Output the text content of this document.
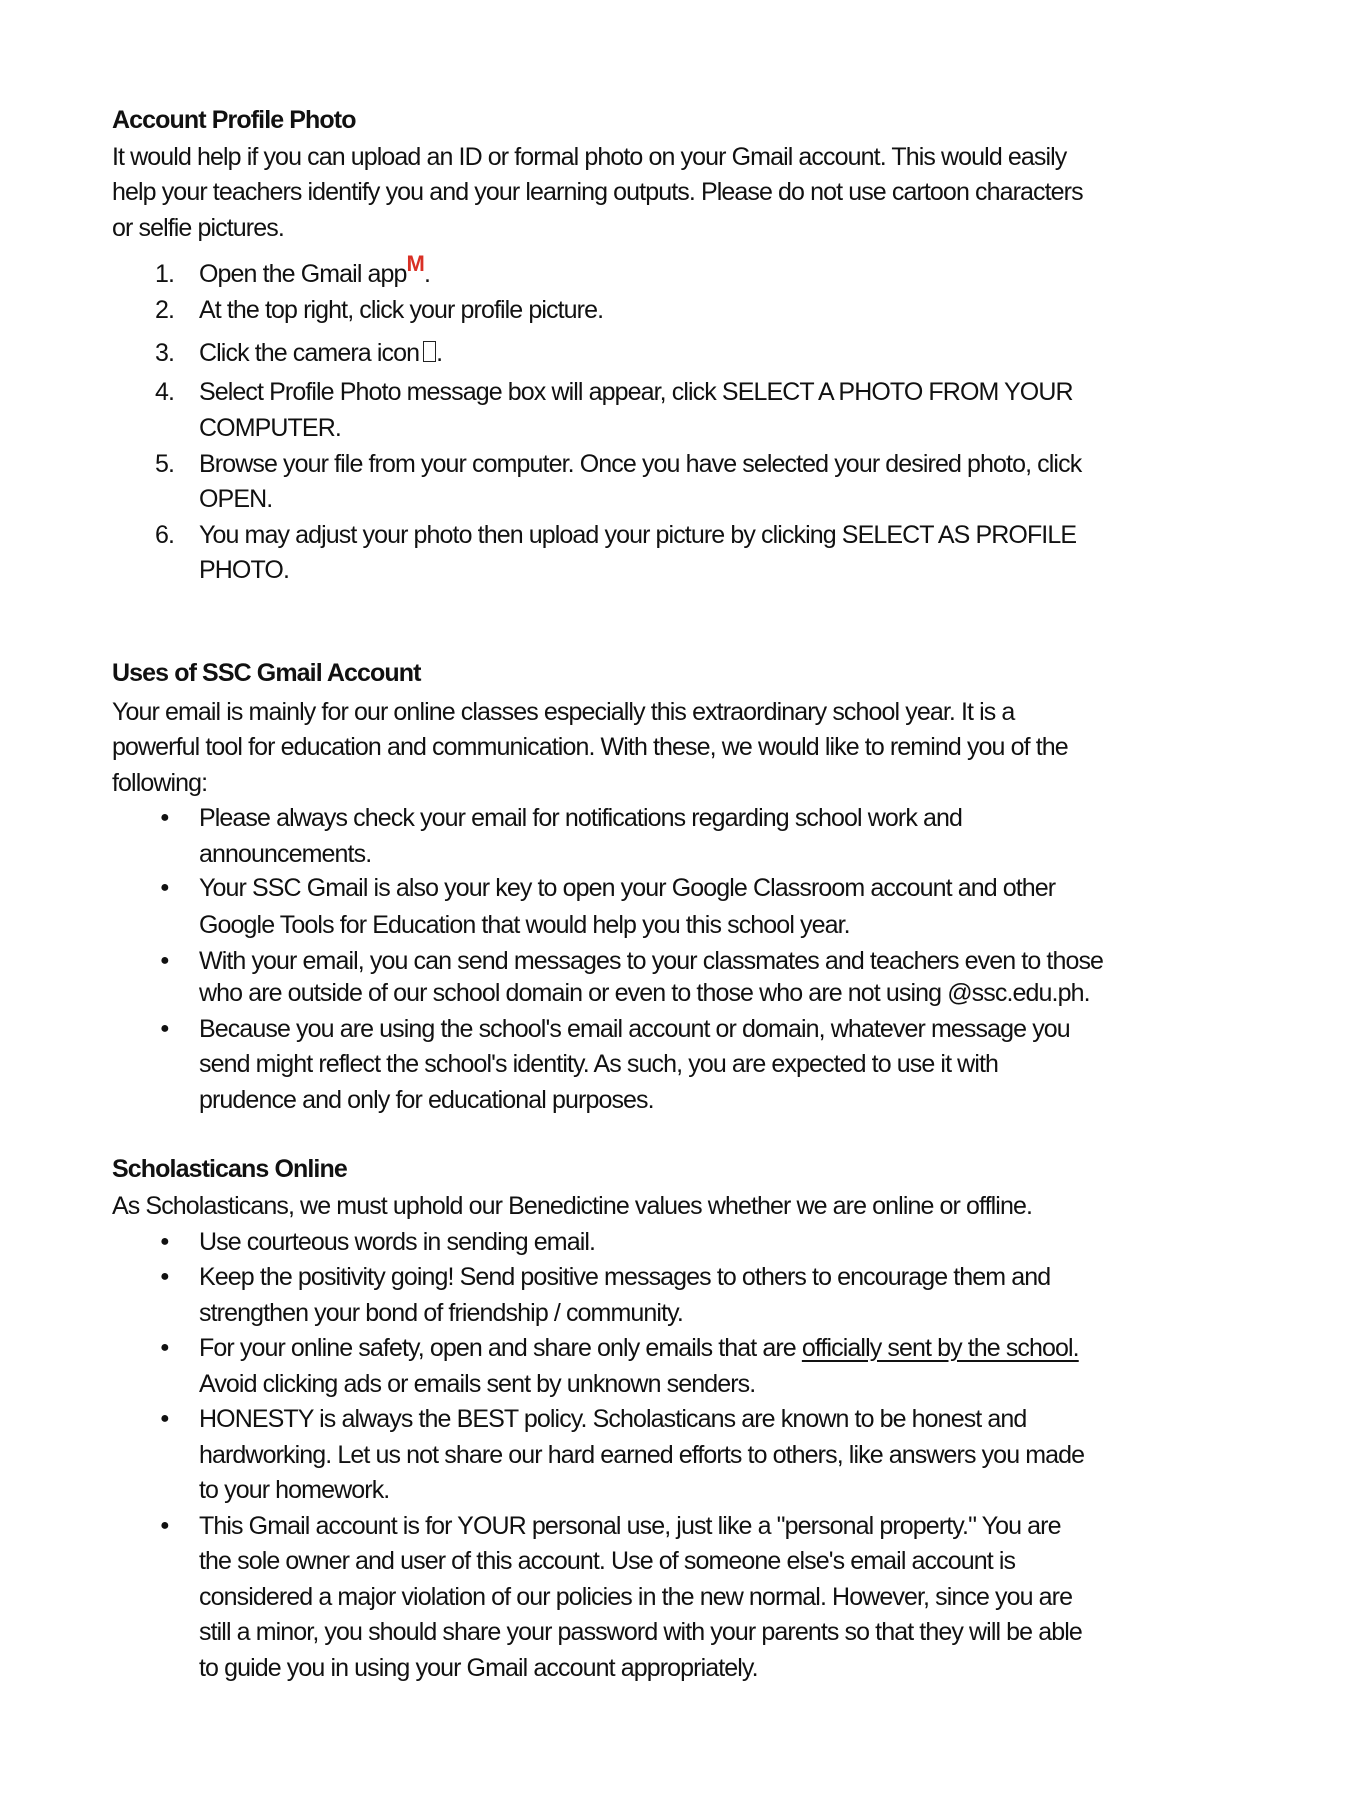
Account Profile Photo
It would help if you can upload an ID or formal photo on your Gmail account. This would easily
help your teachers identify you and your learning outputs. Please do not use cartoon characters
or selfie pictures.
1. Open the Gmail appM.
2. At the top right, click your profile picture.
3. Click the camera icon .
4. Select Profile Photo message box will appear, click SELECT A PHOTO FROM YOUR
COMPUTER.
5. Browse your file from your computer. Once you have selected your desired photo, click
OPEN.
6. You may adjust your photo then upload your picture by clicking SELECT AS PROFILE
PHOTO.
Uses of SSC Gmail Account
Your email is mainly for our online classes especially this extraordinary school year. It is a
powerful tool for education and communication. With these, we would like to remind you of the
following:
● Please always check your email for notifications regarding school work and
announcements.
● Your SSC Gmail is also your key to open your Google Classroom account and other
Google Tools for Education that would help you this school year.
● With your email, you can send messages to your classmates and teachers even to those
who are outside of our school domain or even to those who are not using @ssc.edu.ph.
● Because you are using the school's email account or domain, whatever message you
send might reflect the school's identity. As such, you are expected to use it with
prudence and only for educational purposes.
Scholasticans Online
As Scholasticans, we must uphold our Benedictine values whether we are online or offline.
● Use courteous words in sending email.
● Keep the positivity going! Send positive messages to others to encourage them and
strengthen your bond of friendship / community.
● For your online safety, open and share only emails that are officially sent by the school.
Avoid clicking ads or emails sent by unknown senders.
● HONESTY is always the BEST policy. Scholasticans are known to be honest and
hardworking. Let us not share our hard earned efforts to others, like answers you made
to your homework.
● This Gmail account is for YOUR personal use, just like a "personal property." You are
the sole owner and user of this account. Use of someone else's email account is
considered a major violation of our policies in the new normal. However, since you are
still a minor, you should share your password with your parents so that they will be able
to guide you in using your Gmail account appropriately.
